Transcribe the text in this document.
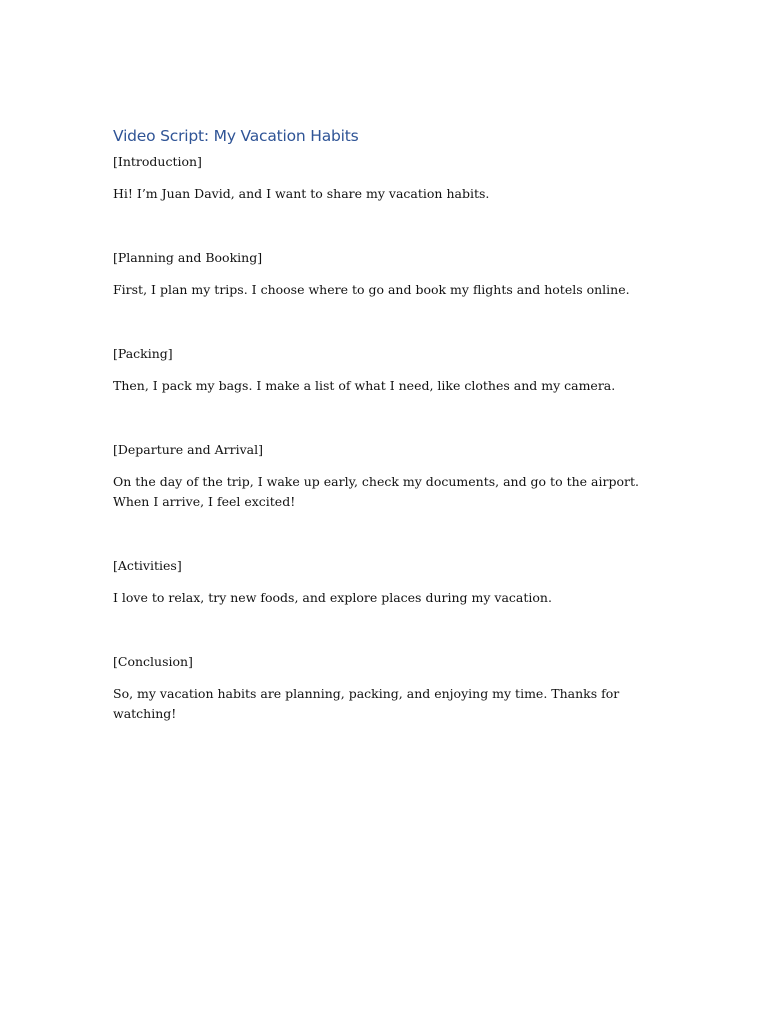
Video Script: My Vacation Habits

[Introduction]

Hi! I’m Juan David, and I want to share my vacation habits.

[Planning and Booking]

First, I plan my trips. I choose where to go and book my flights and hotels online.

[Packing]

Then, I pack my bags. I make a list of what I need, like clothes and my camera.

[Departure and Arrival]

On the day of the trip, I wake up early, check my documents, and go to the airport. When I arrive, I feel excited!

[Activities]

I love to relax, try new foods, and explore places during my vacation.

[Conclusion]

So, my vacation habits are planning, packing, and enjoying my time. Thanks for watching!
